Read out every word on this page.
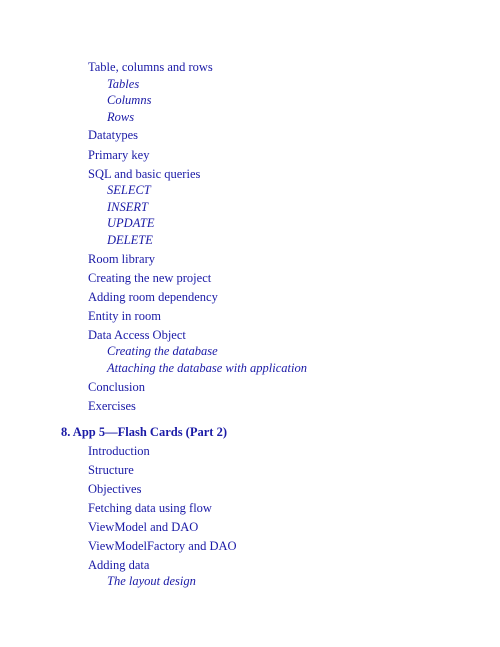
Table, columns and rows
Tables
Columns
Rows
Datatypes
Primary key
SQL and basic queries
SELECT
INSERT
UPDATE
DELETE
Room library
Creating the new project
Adding room dependency
Entity in room
Data Access Object
Creating the database
Attaching the database with application
Conclusion
Exercises
8. App 5—Flash Cards (Part 2)
Introduction
Structure
Objectives
Fetching data using flow
ViewModel and DAO
ViewModelFactory and DAO
Adding data
The layout design
